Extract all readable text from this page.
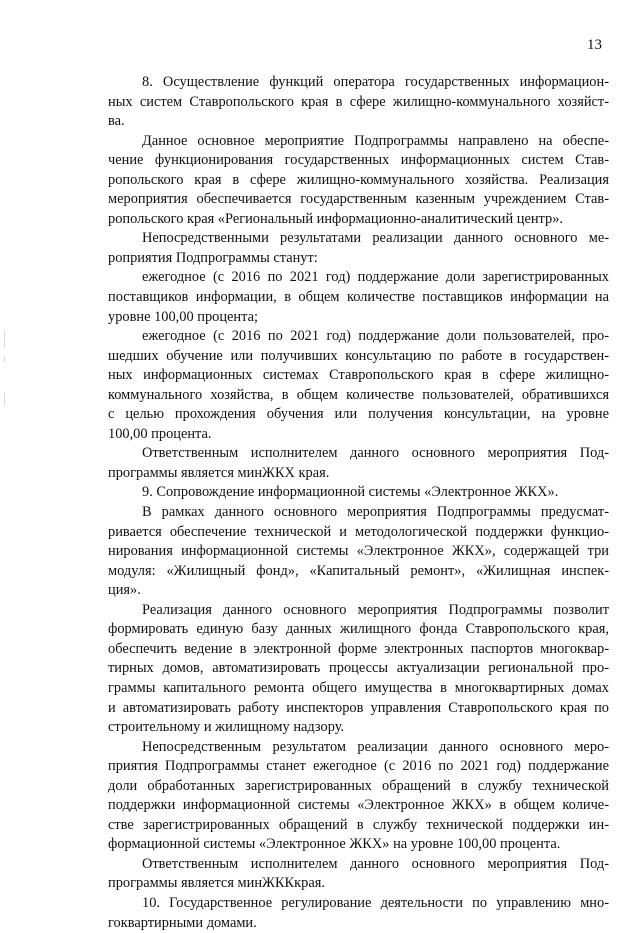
13
8. Осуществление функций оператора государственных информацион-
ных систем Ставропольского края в сфере жилищно-коммунального хозяйст-
ва.
Данное основное мероприятие Подпрограммы направлено на обеспе-
чение функционирования государственных информационных систем Став-
ропольского края в сфере жилищно-коммунального хозяйства. Реализация
мероприятия обеспечивается государственным казенным учреждением Став-
ропольского края «Региональный информационно-аналитический центр».
Непосредственными результатами реализации данного основного ме-
роприятия Подпрограммы станут:
ежегодное (с 2016 по 2021 год) поддержание доли зарегистрированных
поставщиков информации, в общем количестве поставщиков информации на
уровне 100,00 процента;
ежегодное (с 2016 по 2021 год) поддержание доли пользователей, про-
шедших обучение или получивших консультацию по работе в государствен-
ных информационных системах Ставропольского края в сфере жилищно-
коммунального хозяйства, в общем количестве пользователей, обратившихся
с целью прохождения обучения или получения консультации, на уровне
100,00 процента.
Ответственным исполнителем данного основного мероприятия Под-
программы является минЖКХ края.
9. Сопровождение информационной системы «Электронное ЖКХ».
В рамках данного основного мероприятия Подпрограммы предусмат-
ривается обеспечение технической и методологической поддержки функцио-
нирования информационной системы «Электронное ЖКХ», содержащей три
модуля: «Жилищный фонд», «Капитальный ремонт», «Жилищная инспек-
ция».
Реализация данного основного мероприятия Подпрограммы позволит
формировать единую базу данных жилищного фонда Ставропольского края,
обеспечить ведение в электронной форме электронных паспортов многоквар-
тирных домов, автоматизировать процессы актуализации региональной про-
граммы капитального ремонта общего имущества в многоквартирных домах
и автоматизировать работу инспекторов управления Ставропольского края по
строительному и жилищному надзору.
Непосредственным результатом реализации данного основного меро-
приятия Подпрограммы станет ежегодное (с 2016 по 2021 год) поддержание
доли обработанных зарегистрированных обращений в службу технической
поддержки информационной системы «Электронное ЖКХ» в общем количе-
стве зарегистрированных обращений в службу технической поддержки ин-
формационной системы «Электронное ЖКХ» на уровне 100,00 процента.
Ответственным исполнителем данного основного мероприятия Под-
программы является минЖККкрая.
10. Государственное регулирование деятельности по управлению мно-
гоквартирными домами.
